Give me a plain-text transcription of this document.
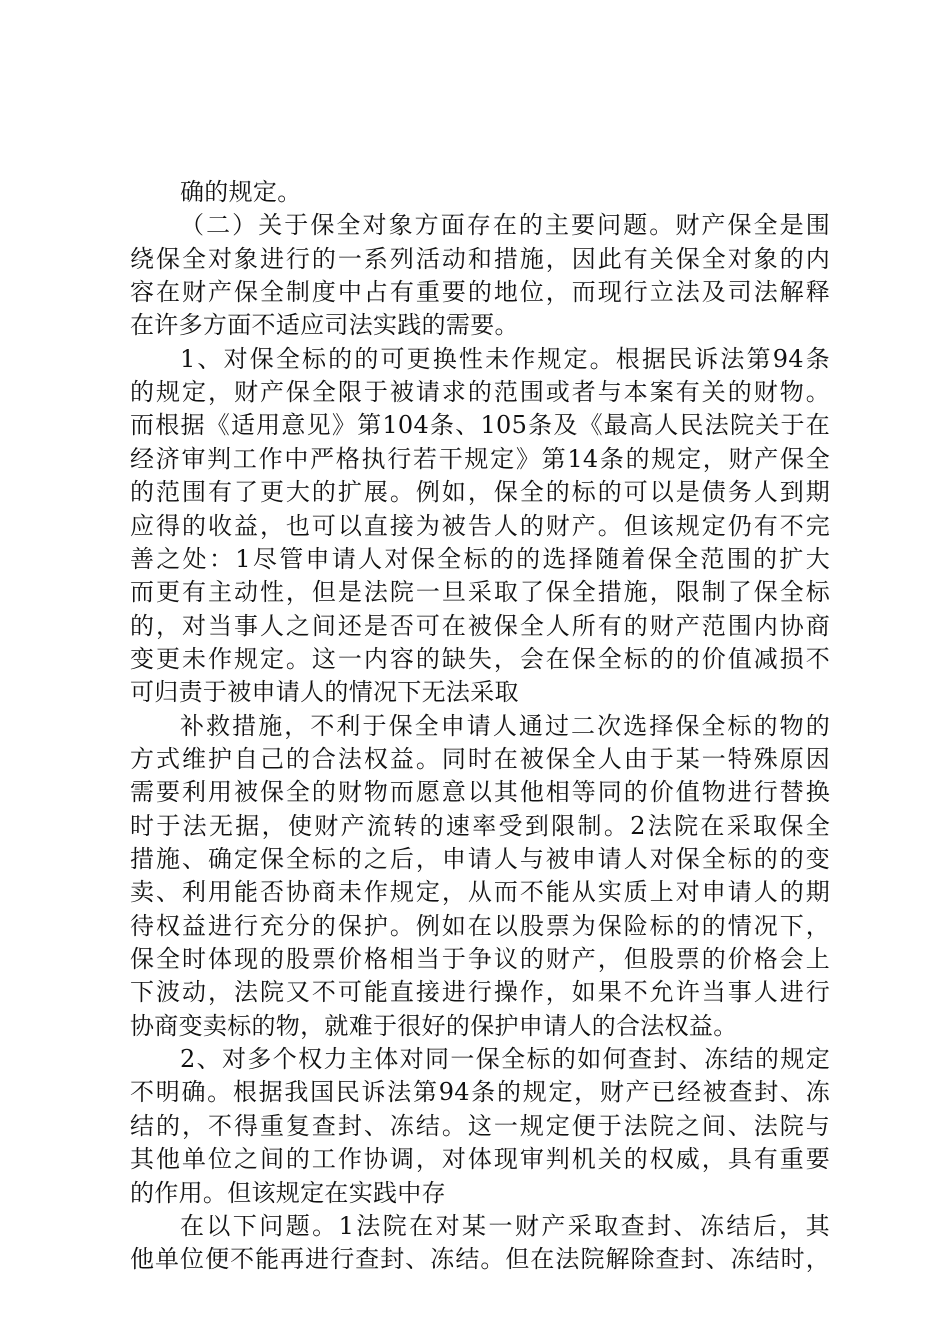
确的规定。
（二）关于保全对象方面存在的主要问题。财产保全是围
绕保全对象进行的一系列活动和措施，因此有关保全对象的内
容在财产保全制度中占有重要的地位，而现行立法及司法解释
在许多方面不适应司法实践的需要。
1、对保全标的的可更换性未作规定。根据民诉法第94条
的规定，财产保全限于被请求的范围或者与本案有关的财物。
而根据《适用意见》第104条、105条及《最高人民法院关于在
经济审判工作中严格执行若干规定》第14条的规定，财产保全
的范围有了更大的扩展。例如，保全的标的可以是债务人到期
应得的收益，也可以直接为被告人的财产。但该规定仍有不完
善之处：1尽管申请人对保全标的的选择随着保全范围的扩大
而更有主动性，但是法院一旦采取了保全措施，限制了保全标
的，对当事人之间还是否可在被保全人所有的财产范围内协商
变更未作规定。这一内容的缺失，会在保全标的的价值减损不
可归责于被申请人的情况下无法采取
补救措施，不利于保全申请人通过二次选择保全标的物的
方式维护自己的合法权益。同时在被保全人由于某一特殊原因
需要利用被保全的财物而愿意以其他相等同的价值物进行替换
时于法无据，使财产流转的速率受到限制。2法院在采取保全
措施、确定保全标的之后，申请人与被申请人对保全标的的变
卖、利用能否协商未作规定，从而不能从实质上对申请人的期
待权益进行充分的保护。例如在以股票为保险标的的情况下，
保全时体现的股票价格相当于争议的财产，但股票的价格会上
下波动，法院又不可能直接进行操作，如果不允许当事人进行
协商变卖标的物，就难于很好的保护申请人的合法权益。
2、对多个权力主体对同一保全标的如何查封、冻结的规定
不明确。根据我国民诉法第94条的规定，财产已经被查封、冻
结的，不得重复查封、冻结。这一规定便于法院之间、法院与
其他单位之间的工作协调，对体现审判机关的权威，具有重要
的作用。但该规定在实践中存
在以下问题。1法院在对某一财产采取查封、冻结后，其
他单位便不能再进行查封、冻结。但在法院解除查封、冻结时，
